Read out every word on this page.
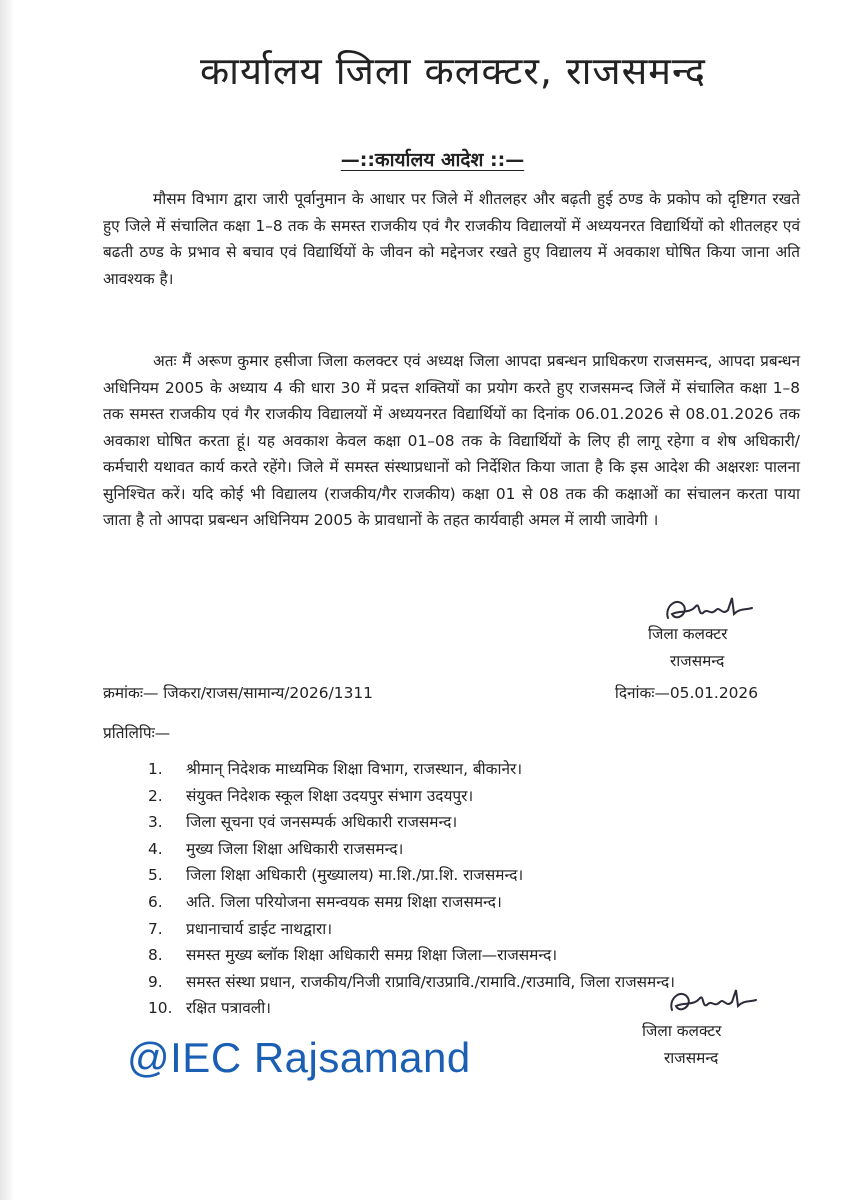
कार्यालय जिला कलक्टर, राजसमन्द
—::कार्यालय आदेश ::—

मौसम विभाग द्वारा जारी पूर्वानुमान के आधार पर जिले में शीतलहर और बढ़ती हुई ठण्ड के प्रकोप को दृष्टिगत रखते हुए जिले में संचालित कक्षा 1–8 तक के समस्त राजकीय एवं गैर राजकीय विद्यालयों में अध्ययनरत विद्यार्थियों को शीतलहर एवं बढती ठण्ड के प्रभाव से बचाव एवं विद्यार्थियों के जीवन को मद्देनजर रखते हुए विद्यालय में अवकाश घोषित किया जाना अति आवश्यक है।

अतः मैं अरूण कुमार हसीजा जिला कलक्टर एवं अध्यक्ष जिला आपदा प्रबन्धन प्राधिकरण राजसमन्द, आपदा प्रबन्धन अधिनियम 2005 के अध्याय 4 की धारा 30 में प्रदत्त शक्तियों का प्रयोग करते हुए राजसमन्द जिलें में संचालित कक्षा 1–8 तक समस्त राजकीय एवं गैर राजकीय विद्यालयों में अध्ययनरत विद्यार्थियों का दिनांक 06.01.2026 से 08.01.2026 तक अवकाश घोषित करता हूं। यह अवकाश केवल कक्षा 01–08 तक के विद्यार्थियों के लिए ही लागू रहेगा व शेष अधिकारी/कर्मचारी यथावत कार्य करते रहेंगे। जिले में समस्त संस्थाप्रधानों को निर्देशित किया जाता है कि इस आदेश की अक्षरशः पालना सुनिश्चित करें। यदि कोई भी विद्यालय (राजकीय/गैर राजकीय) कक्षा 01 से 08 तक की कक्षाओं का संचालन करता पाया जाता है तो आपदा प्रबन्धन अधिनियम 2005 के प्रावधानों के तहत कार्यवाही अमल में लायी जावेगी ।

जिला कलक्टर
राजसमन्द
क्रमांकः— जिकरा/राजस/सामान्य/2026/1311	दिनांकः—05.01.2026
प्रतिलिपिः—
1.	श्रीमान् निदेशक माध्यमिक शिक्षा विभाग, राजस्थान, बीकानेर।
2.	संयुक्त निदेशक स्कूल शिक्षा उदयपुर संभाग उदयपुर।
3.	जिला सूचना एवं जनसम्पर्क अधिकारी राजसमन्द।
4.	मुख्य जिला शिक्षा अधिकारी राजसमन्द।
5.	जिला शिक्षा अधिकारी (मुख्यालय) मा.शि./प्रा.शि. राजसमन्द।
6.	अति. जिला परियोजना समन्वयक समग्र शिक्षा राजसमन्द।
7.	प्रधानाचार्य डाईट नाथद्वारा।
8.	समस्त मुख्य ब्लॉक शिक्षा अधिकारी समग्र शिक्षा जिला—राजसमन्द।
9.	समस्त संस्था प्रधान, राजकीय/निजी राप्रावि/राउप्रावि./रामावि./राउमावि, जिला राजसमन्द।
10. रक्षित पत्रावली।
जिला कलक्टर
राजसमन्द
@IEC Rajsamand
